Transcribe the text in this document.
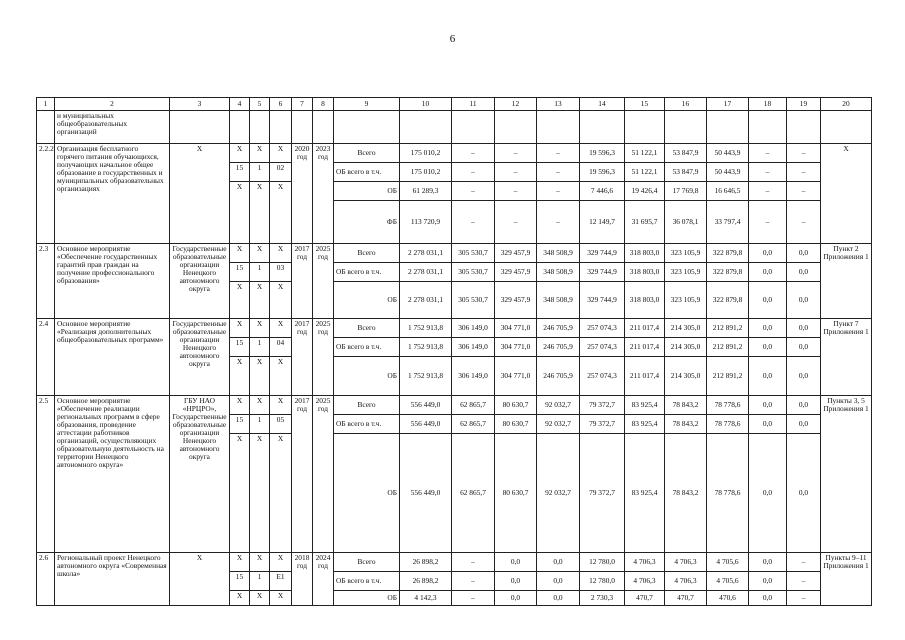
6
1	2	3	4	5	6	7	8	9	10	11	12	13	14	15	16	17	18	19	20
	и муниципальных общеобразовательных организаций																		
2.2.2	Организация бесплатного горячего питания обучающихся, получающих начальное общее образование в государственных и муниципальных образовательных организациях	Х	Х	Х	Х	2020 год	2023 год	Всего	175 010,2	–	–	–	19 596,3	51 122,1	53 847,9	50 443,9	–	–	Х
			15	1	02			ОБ всего в т.ч.	175 010,2	–	–	–	19 596,3	51 122,1	53 847,9	50 443,9	–	–	
			Х	Х	Х			ОБ	61 289,3	–	–	–	7 446,6	19 426,4	17 769,8	16 646,5	–	–	
								ФБ	113 720,9	–	–	–	12 149,7	31 695,7	36 078,1	33 797,4	–	–	
2.3	Основное мероприятие «Обеспечение государственных гарантий прав граждан на получение профессионального образования»	Государственные образовательные организации Ненецкого автономного округа	Х	Х	Х	2017 год	2025 год	Всего	2 278 031,1	305 530,7	329 457,9	348 508,9	329 744,9	318 803,0	323 105,9	322 879,8	0,0	0,0	Пункт 2 Приложения 1
			15	1	03			ОБ всего в т.ч.	2 278 031,1	305 530,7	329 457,9	348 508,9	329 744,9	318 803,0	323 105,9	322 879,8	0,0	0,0	
			Х	Х	Х			ОБ	2 278 031,1	305 530,7	329 457,9	348 508,9	329 744,9	318 803,0	323 105,9	322 879,8	0,0	0,0	
2.4	Основное мероприятие «Реализация дополнительных общеобразовательных программ»	Государственные образовательные организации Ненецкого автономного округа	Х	Х	Х	2017 год	2025 год	Всего	1 752 913,8	306 149,0	304 771,0	246 705,9	257 074,3	211 017,4	214 305,0	212 891,2	0,0	0,0	Пункт 7 Приложения 1
			15	1	04			ОБ всего в т.ч.	1 752 913,8	306 149,0	304 771,0	246 705,9	257 074,3	211 017,4	214 305,0	212 891,2	0,0	0,0	
			Х	Х	Х			ОБ	1 752 913,8	306 149,0	304 771,0	246 705,9	257 074,3	211 017,4	214 305,0	212 891,2	0,0	0,0	
2.5	Основное мероприятие «Обеспечение реализации региональных программ в сфере образования, проведение аттестации работников организаций, осуществляющих образовательную деятельность на территории Ненецкого автономного округа»	ГБУ НАО «НРЦРО», Государственные образовательные организации Ненецкого автономного округа	Х	Х	Х	2017 год	2025 год	Всего	556 449,0	62 865,7	80 630,7	92 032,7	79 372,7	83 925,4	78 843,2	78 778,6	0,0	0,0	Пункты 3, 5 Приложения 1
			15	1	05			ОБ всего в т.ч.	556 449,0	62 865,7	80 630,7	92 032,7	79 372,7	83 925,4	78 843,2	78 778,6	0,0	0,0	
			Х	Х	Х			ОБ	556 449,0	62 865,7	80 630,7	92 032,7	79 372,7	83 925,4	78 843,2	78 778,6	0,0	0,0	
2.6	Региональный проект Ненецкого автономного округа «Современная школа»	Х	Х	Х	Х	2018 год	2024 год	Всего	26 898,2	–	0,0	0,0	12 780,0	4 706,3	4 706,3	4 705,6	0,0	–	Пункты 9–11 Приложения 1
			15	1	Е1			ОБ всего в т.ч.	26 898,2	–	0,0	0,0	12 780,0	4 706,3	4 706,3	4 705,6	0,0	–	
			Х	Х	Х			ОБ	4 142,3	–	0,0	0,0	2 730,3	470,7	470,7	470,6	0,0	–	
